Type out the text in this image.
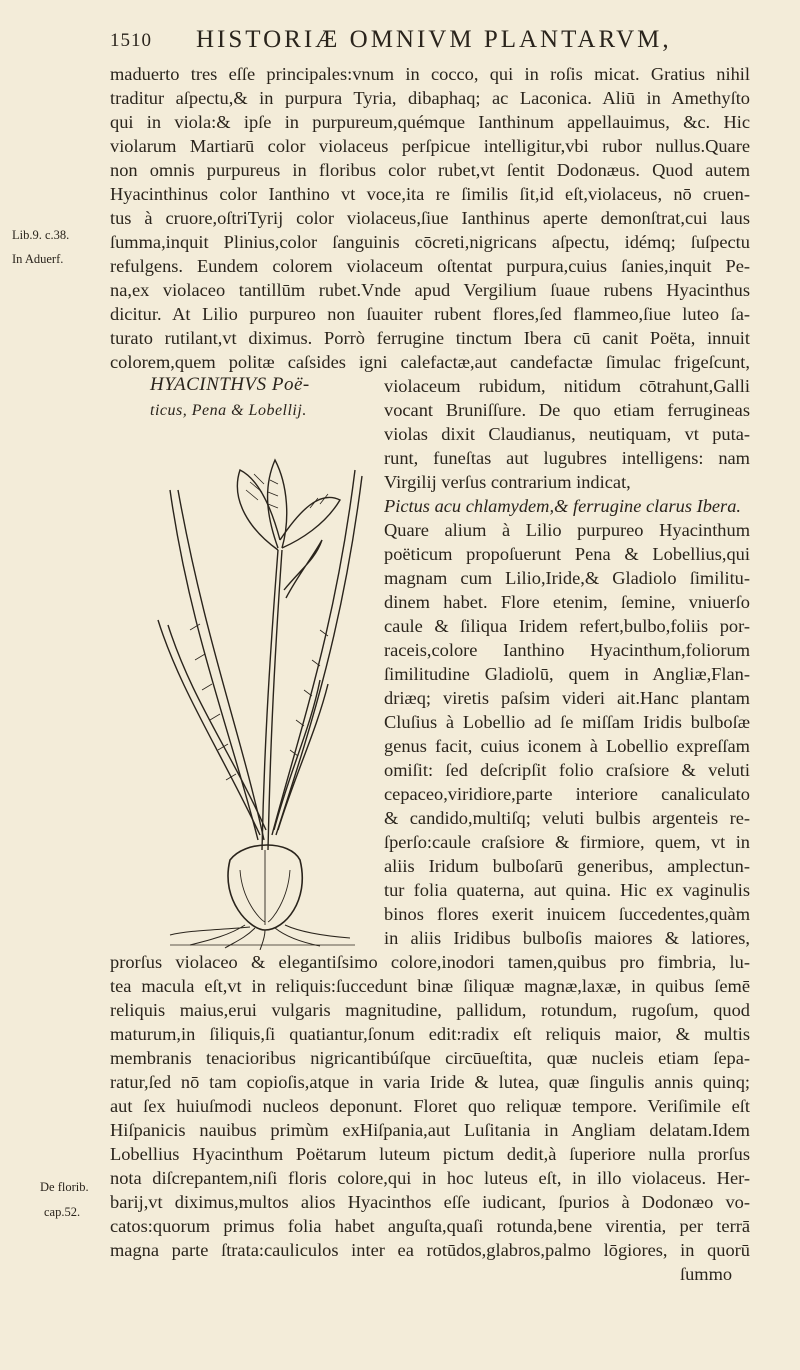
1510 HISTORIÆ OMNIVM PLANTARVM,
Lib.9. c.38.
In Aduerf.
De florib.
cap.52.
maduerto tres eſſe principales:vnum in cocco, qui in roſis micat. Gratius nihil
traditur aſpectu,& in purpura Tyria, dibaphaq; ac Laconica. Aliū in Amethyſto
qui in viola:& ipſe in purpureum,quémque Ianthinum appellauimus, &c. Hic
violarum Martiarū color violaceus perſpicue intelligitur,vbi rubor nullus.Quare
non omnis purpureus in floribus color rubet,vt ſentit Dodonæus. Quod autem
Hyacinthinus color Ianthino vt voce,ita re ſimilis ſit,id eſt,violaceus, nō cruen-
tus à cruore,oſtriTyrij color violaceus,ſiue Ianthinus aperte demonſtrat,cui laus
ſumma,inquit Plinius,color ſanguinis cōcreti,nigricans aſpectu, idémq; ſuſpectu
refulgens. Eundem colorem violaceum oſtentat purpura,cuius ſanies,inquit Pe-
na,ex violaceo tantillūm rubet.Vnde apud Vergilium ſuaue rubens Hyacinthus
dicitur. At Lilio purpureo non ſuauiter rubent flores,ſed flammeo,ſiue luteo ſa-
turato rutilant,vt diximus. Porrò ferrugine tinctum Ibera cū canit Poëta, innuit
colorem,quem politæ caſsides igni calefactæ,aut candefactæ ſimulac frigeſcunt,
HYACINTHVS Poë-
ticus, Pena & Lobellij.
violaceum rubidum, nitidum cōtrahunt,Galli
vocant Bruniſſure. De quo etiam ferrugineas
violas dixit Claudianus, neutiquam, vt puta-
runt, funeſtas aut lugubres intelligens: nam
Virgilij verſus contrarium indicat,
Pictus acu chlamydem,& ferrugine clarus Ibera.
Quare alium à Lilio purpureo Hyacinthum
poëticum propoſuerunt Pena & Lobellius,qui
magnam cum Lilio,Iride,& Gladiolo ſimilitu-
dinem habet. Flore etenim, ſemine, vniuerſo
caule & ſiliqua Iridem refert,bulbo,foliis por-
raceis,colore Ianthino Hyacinthum,foliorum
ſimilitudine Gladiolū, quem in Angliæ,Flan-
driæq; viretis paſsim videri ait.Hanc plantam
Cluſius à Lobellio ad ſe miſſam Iridis bulboſæ
genus facit, cuius iconem à Lobellio expreſſam
omiſit: ſed deſcripſit folio craſsiore & veluti
cepaceo,viridiore,parte interiore canaliculato
& candido,multiſq; veluti bulbis argenteis re-
ſperſo:caule craſsiore & firmiore, quem, vt in
aliis Iridum bulboſarū generibus, amplectun-
tur folia quaterna, aut quina. Hic ex vaginulis
binos flores exerit inuicem ſuccedentes,quàm
in aliis Iridibus bulboſis maiores & latiores,
prorſus violaceo & elegantiſsimo colore,inodori tamen,quibus pro fimbria, lu-
tea macula eſt,vt in reliquis:ſuccedunt binæ ſiliquæ magnæ,laxæ, in quibus ſemē
reliquis maius,erui vulgaris magnitudine, pallidum, rotundum, rugoſum, quod
maturum,in ſiliquis,ſi quatiantur,ſonum edit:radix eſt reliquis maior, & multis
membranis tenacioribus nigricantibúſque circūueſtita, quæ nucleis etiam ſepa-
ratur,ſed nō tam copioſis,atque in varia Iride & lutea, quæ ſingulis annis quinq;
aut ſex huiuſmodi nucleos deponunt. Floret quo reliquæ tempore. Veriſimile eſt
Hiſpanicis nauibus primùm exHiſpania,aut Luſitania in Angliam delatam.Idem
Lobellius Hyacinthum Poëtarum luteum pictum dedit,à ſuperiore nulla prorſus
nota diſcrepantem,niſi floris colore,qui in hoc luteus eſt, in illo violaceus. Her-
barij,vt diximus,multos alios Hyacinthos eſſe iudicant, ſpurios à Dodonæo vo-
catos:quorum primus folia habet anguſta,quaſi rotunda,bene virentia, per terrā
magna parte ſtrata:cauliculos inter ea rotūdos,glabros,palmo lōgiores, in quorū
ſummo
